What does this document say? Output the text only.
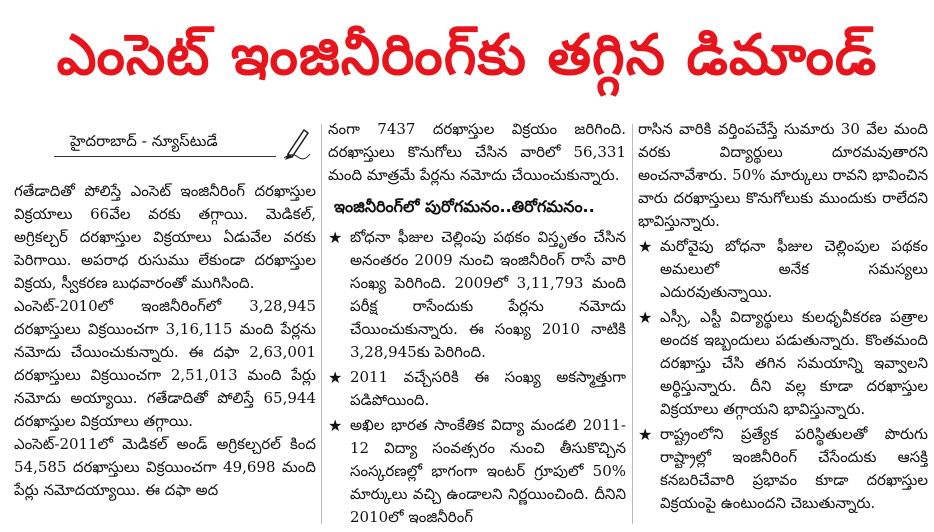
ఎంసెట్ ఇంజినీరింగ్‌కు తగ్గిన డిమాండ్
హైదరాబాద్ - న్యూస్‌టుడే

గతేడాదితో పోలిస్తే ఎంసెట్ ఇంజినీరింగ్ దరఖాస్తుల విక్రయాలు 66వేల వరకు తగ్గాయి. మెడికల్, అగ్రికల్చర్ దరఖాస్తుల విక్రయాలు ఏడువేల వరకు పెరిగాయి. అపరాధ రుసుము లేకుండా దరఖాస్తుల విక్రయ, స్వీకరణ బుధవారంతో ముగిసింది.

ఎంసెట్-2010లో ఇంజినీరింగ్‌లో 3,28,945 దరఖాస్తులు విక్రయించగా 3,16,115 మంది పేర్లను నమోదు చేయించుకున్నారు. ఈ దఫా 2,63,001 దరఖాస్తులు విక్రయించగా 2,51,013 మంది పేర్లు నమోదు అయ్యాయి. గతేడాదితో పోలిస్తే 65,944 దరఖాస్తుల విక్రయాలు తగ్గాయి.

ఎంసెట్-2011లో మెడికల్ అండ్ అగ్రికల్చరల్ కింద 54,585 దరఖాస్తులు విక్రయించగా 49,698 మంది పేర్లు నమోదయ్యాయి. ఈ దఫా అద

నంగా 7437 దరఖాస్తుల విక్రయం జరిగింది. దరఖాస్తులు కొనుగోలు చేసిన వారిలో 56,331 మంది మాత్రమే పేర్లను నమోదు చేయించుకున్నారు.

ఇంజినీరింగ్‌లో పురోగమనం..తిరోగమనం..
★ బోధనా ఫీజుల చెల్లింపు పథకం విస్తృతం చేసిన అనంతరం 2009 నుంచి ఇంజినీరింగ్ రాసే వారి సంఖ్య పెరిగింది. 2009లో 3,11,793 మంది పరీక్ష రాసేందుకు పేర్లను నమోదు చేయించుకున్నారు. ఈ సంఖ్య 2010 నాటికి 3,28,945కు పెరిగింది.
★ 2011 వచ్చేసరికి ఈ సంఖ్య అకస్మాత్తుగా పడిపోయింది.
★ అఖిల భారత సాంకేతిక విద్యా మండలి 2011-12 విద్యా సంవత్సరం నుంచి తీసుకొచ్చిన సంస్కరణల్లో భాగంగా ఇంటర్ గ్రూపులో 50% మార్కులు వచ్చి ఉండాలని నిర్ణయించింది. దీనిని 2010లో ఇంజినీరింగ్

రాసిన వారికి వర్తింపచేస్తే సుమారు 30 వేల మంది వరకు విద్యార్థులు దూరమవుతారని అంచనావేశారు. 50% మార్కులు రావని భావించిన వారు దరఖాస్తులు కొనుగోలుకు ముందుకు రాలేదని భావిస్తున్నారు.

★ మరోవైపు బోధనా ఫీజుల చెల్లింపుల పథకం అమలులో అనేక సమస్యలు ఎదురవుతున్నాయి.
★ ఎస్సీ, ఎస్టీ విద్యార్థులు కులధృవీకరణ పత్రాల అందక ఇబ్బందులు పడుతున్నారు. కొంతమంది దరఖాస్తు చేసి తగిన సమయాన్ని ఇవ్వాలని అర్థిస్తున్నారు. దీని వల్ల కూడా దరఖాస్తుల విక్రయాలు తగ్గాయని భావిస్తున్నారు.
★ రాష్ట్రంలోని ప్రత్యేక పరిస్థితులతో పొరుగు రాష్ట్రాల్లో ఇంజినీరింగ్ చేసేందుకు ఆసక్తి కనబరిచేవారి ప్రభావం కూడా దరఖాస్తుల విక్రయంపై ఉంటుందని చెబుతున్నారు.
